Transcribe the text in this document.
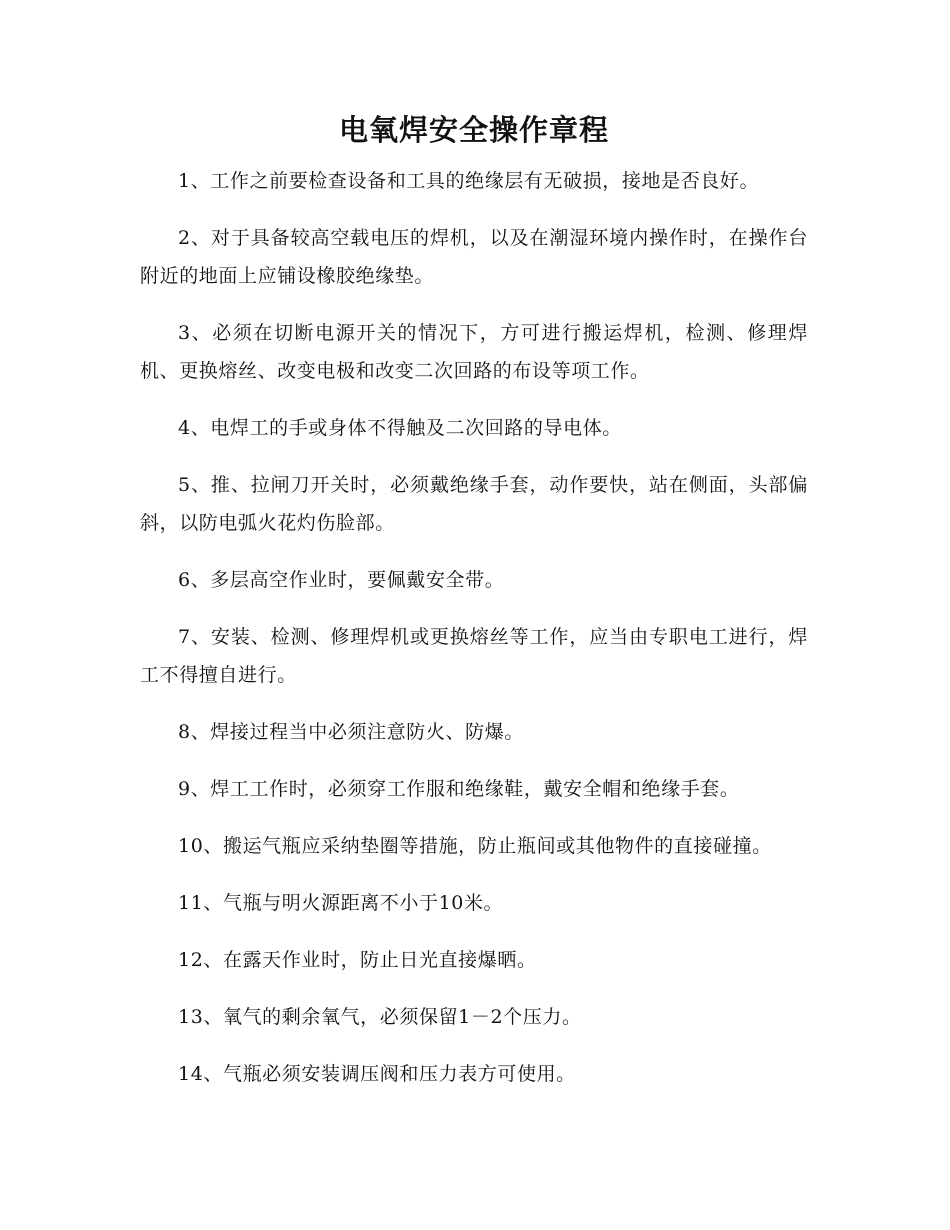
电氧焊安全操作章程

1、工作之前要检查设备和工具的绝缘层有无破损，接地是否良好。

2、对于具备较高空载电压的焊机，以及在潮湿环境内操作时，在操作台附近的地面上应铺设橡胶绝缘垫。

3、必须在切断电源开关的情况下，方可进行搬运焊机，检测、修理焊机、更换熔丝、改变电极和改变二次回路的布设等项工作。

4、电焊工的手或身体不得触及二次回路的导电体。

5、推、拉闸刀开关时，必须戴绝缘手套，动作要快，站在侧面，头部偏斜，以防电弧火花灼伤脸部。

6、多层高空作业时，要佩戴安全带。

7、安装、检测、修理焊机或更换熔丝等工作，应当由专职电工进行，焊工不得擅自进行。

8、焊接过程当中必须注意防火、防爆。

9、焊工工作时，必须穿工作服和绝缘鞋，戴安全帽和绝缘手套。

10、搬运气瓶应采纳垫圈等措施，防止瓶间或其他物件的直接碰撞。

11、气瓶与明火源距离不小于10米。

12、在露天作业时，防止日光直接爆晒。

13、氧气的剩余氧气，必须保留1－2个压力。

14、气瓶必须安装调压阀和压力表方可使用。
